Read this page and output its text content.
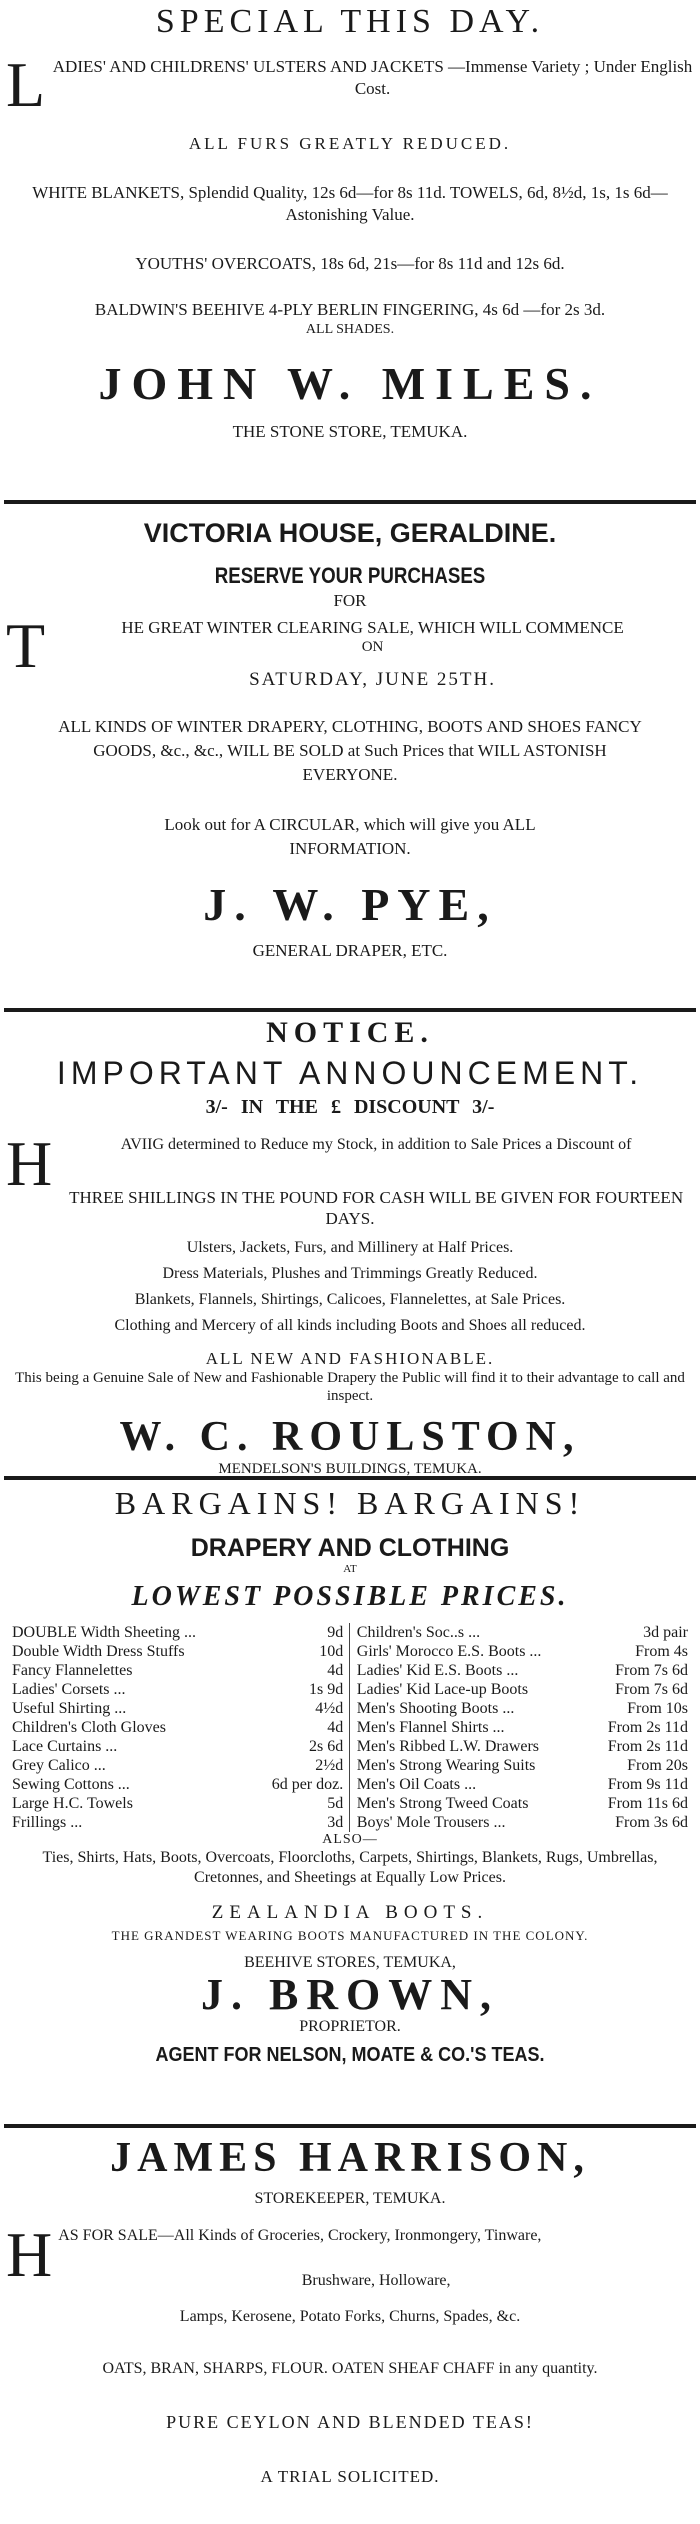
SPECIAL THIS DAY.

L ADIES' AND CHILDRENS' ULSTERS AND JACKETS —Immense Variety ; Under English Cost.

ALL FURS GREATLY REDUCED.

WHITE BLANKETS, Splendid Quality, 12s 6d—for 8s 11d. TOWELS, 6d, 8½d, 1s, 1s 6d—Astonishing Value.

YOUTHS' OVERCOATS, 18s 6d, 21s—for 8s 11d and 12s 6d.

BALDWIN'S BEEHIVE 4-PLY BERLIN FINGERING, 4s 6d —for 2s 3d.

ALL SHADES.

JOHN W. MILES.

THE STONE STORE, TEMUKA.

VICTORIA HOUSE, GERALDINE.

RESERVE YOUR PURCHASES

FOR

T	HE GREAT WINTER CLEARING SALE, WHICH WILL COMMENCE

ON

SATURDAY, JUNE 25TH.

ALL KINDS OF WINTER DRAPERY, CLOTHING, BOOTS AND SHOES FANCY GOODS, &c., &c., WILL BE SOLD at Such Prices that WILL ASTONISH EVERYONE.

Look out for A CIRCULAR, which will give you ALL INFORMATION.

J. W. PYE,

GENERAL DRAPER, ETC.

NOTICE.

IMPORTANT ANNOUNCEMENT.

3/- IN THE £ DISCOUNT 3/-

H	AVIIG determined to Reduce my Stock, in addition to Sale Prices a Discount of

THREE SHILLINGS IN THE POUND FOR CASH WILL BE GIVEN FOR FOURTEEN DAYS.

Ulsters, Jackets, Furs, and Millinery at Half Prices.

Dress Materials, Plushes and Trimmings Greatly Reduced.

Blankets, Flannels, Shirtings, Calicoes, Flannelettes, at Sale Prices.

Clothing and Mercery of all kinds including Boots and Shoes all reduced.

ALL NEW AND FASHIONABLE.

This being a Genuine Sale of New and Fashionable Drapery the Public will find it to their advantage to call and inspect.

W. C. ROULSTON,

MENDELSON'S BUILDINGS, TEMUKA.

BARGAINS! BARGAINS!

DRAPERY AND CLOTHING

AT

LOWEST POSSIBLE PRICES.

DOUBLE Width Sheeting ...	9d
Double Width Dress Stuffs	10d
Fancy Flannelettes	4d
Ladies' Corsets ...	1s 9d
Useful Shirting ...	4½d
Children's Cloth Gloves	4d
Lace Curtains ...	2s 6d
Grey Calico ...	2½d
Sewing Cottons ...	6d per doz.
Large H.C. Towels	5d
Frillings ...	3d
Children's Soc..s ...	3d pair
Girls' Morocco E.S. Boots ...	From 4s
Ladies' Kid E.S. Boots ...	From 7s 6d
Ladies' Kid Lace-up Boots	From 7s 6d
Men's Shooting Boots ...	From 10s
Men's Flannel Shirts ...	From 2s 11d
Men's Ribbed L.W. Drawers	From 2s 11d
Men's Strong Wearing Suits	From 20s
Men's Oil Coats ...	From 9s 11d
Men's Strong Tweed Coats	From 11s 6d
Boys' Mole Trousers ...	From 3s 6d

ALSO—

Ties, Shirts, Hats, Boots, Overcoats, Floorcloths, Carpets, Shirtings, Blankets, Rugs, Umbrellas, Cretonnes, and Sheetings at Equally Low Prices.

ZEALANDIA BOOTS.

THE GRANDEST WEARING BOOTS MANUFACTURED IN THE COLONY.

BEEHIVE STORES, TEMUKA,

J. BROWN,

PROPRIETOR.

AGENT FOR NELSON, MOATE & CO.'S TEAS.

JAMES HARRISON,

STOREKEEPER, TEMUKA.

H AS FOR SALE—All Kinds of Groceries, Crockery, Ironmongery, Tinware,

Brushware, Holloware,

Lamps, Kerosene, Potato Forks, Churns, Spades, &c.

OATS, BRAN, SHARPS, FLOUR. OATEN SHEAF CHAFF in any quantity.

PURE CEYLON AND BLENDED TEAS!

A TRIAL SOLICITED.
